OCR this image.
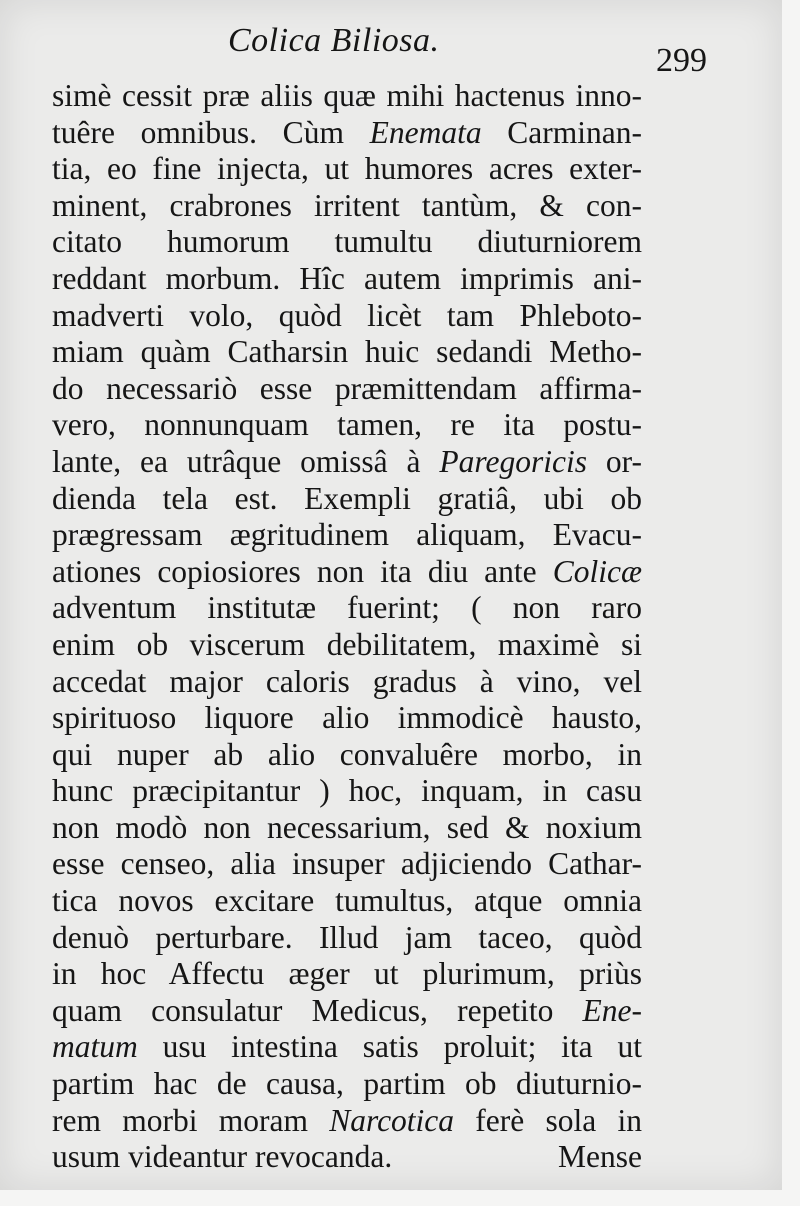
Colica Biliosa.
299
simè cessit præ aliis quæ mihi hactenus inno-
tuêre omnibus. Cùm Enemata Carminan-
tia, eo fine injecta, ut humores acres exter-
minent, crabrones irritent tantùm, & con-
citato humorum tumultu diuturniorem
reddant morbum. Hîc autem imprimis ani-
madverti volo, quòd licèt tam Phleboto-
miam quàm Catharsin huic sedandi Metho-
do necessariò esse præmittendam affirma-
vero, nonnunquam tamen, re ita postu-
lante, ea utrâque omissâ à Paregoricis or-
dienda tela est. Exempli gratiâ, ubi ob
prægressam ægritudinem aliquam, Evacu-
ationes copiosiores non ita diu ante Colicæ
adventum institutæ fuerint; ( non raro
enim ob viscerum debilitatem, maximè si
accedat major caloris gradus à vino, vel
spirituoso liquore alio immodicè hausto,
qui nuper ab alio convaluêre morbo, in
hunc præcipitantur ) hoc, inquam, in casu
non modò non necessarium, sed & noxium
esse censeo, alia insuper adjiciendo Cathar-
tica novos excitare tumultus, atque omnia
denuò perturbare. Illud jam taceo, quòd
in hoc Affectu æger ut plurimum, priùs
quam consulatur Medicus, repetito Ene-
matum usu intestina satis proluit; ita ut
partim hac de causa, partim ob diuturnio-
rem morbi moram Narcotica ferè sola in
usum videantur revocanda.	Mense
